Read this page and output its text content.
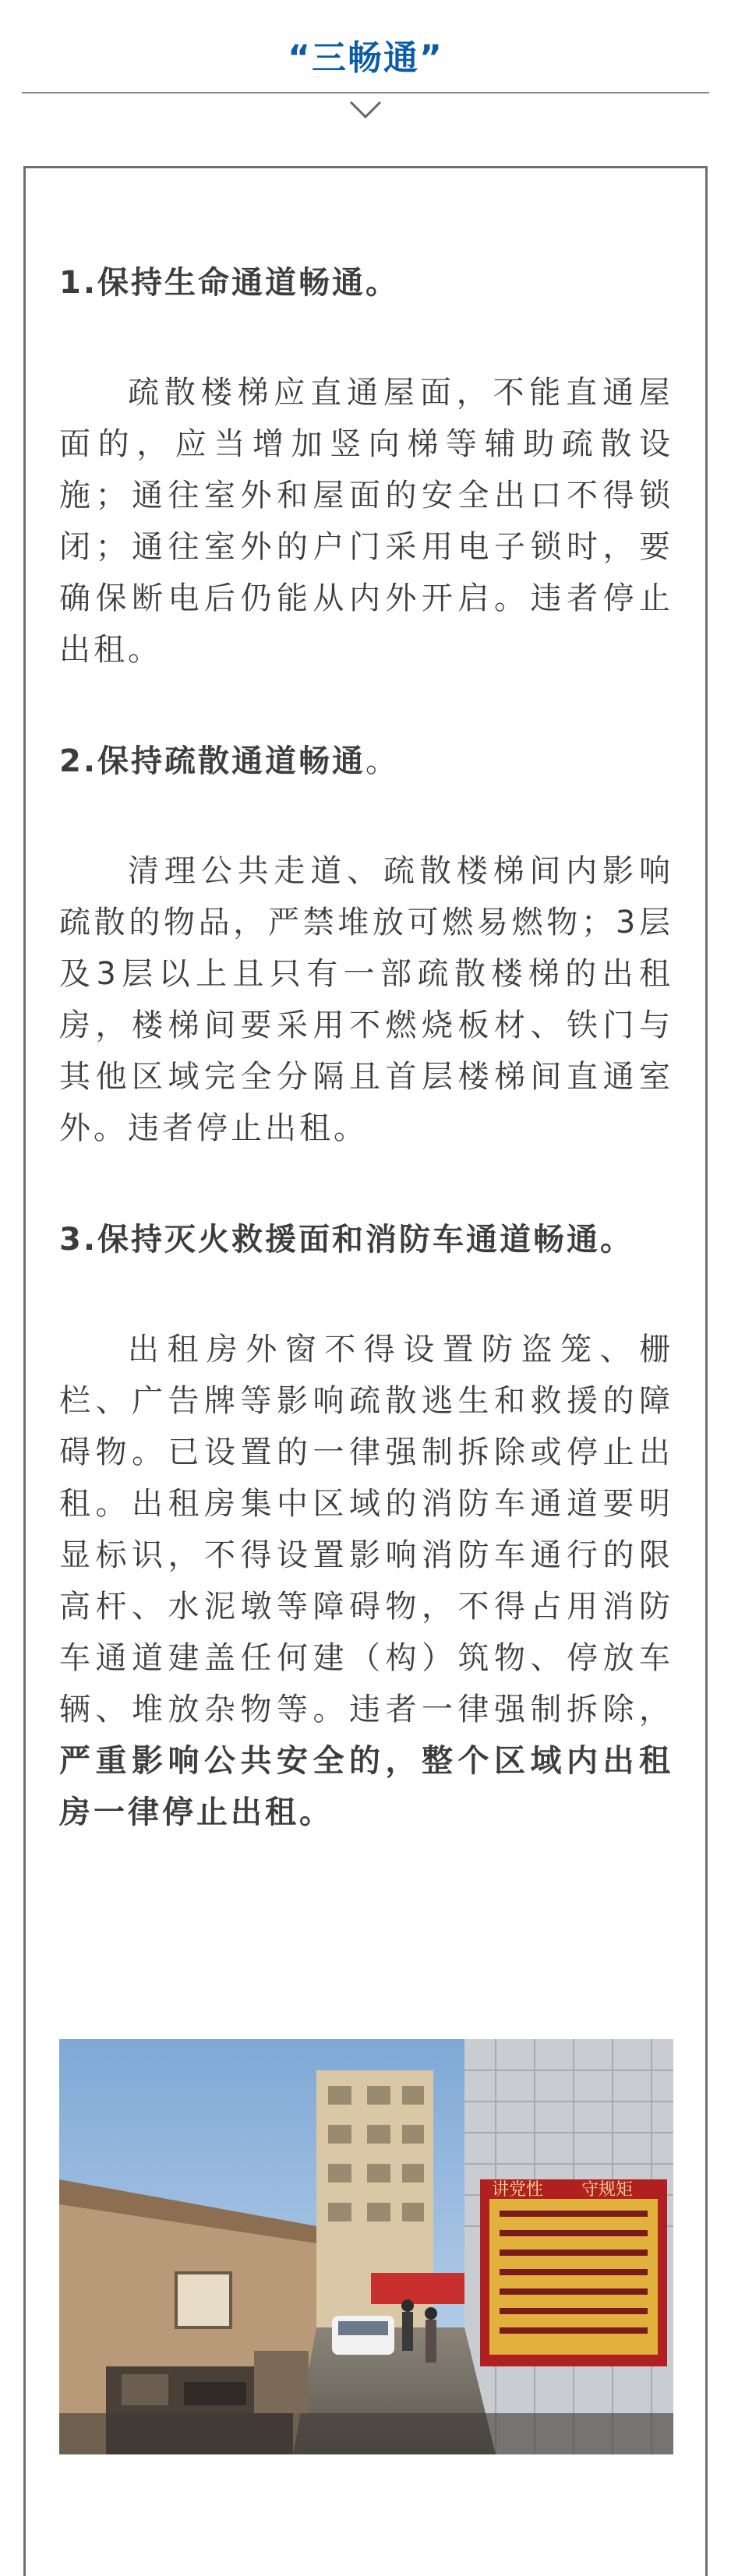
“三畅通”

1.保持生命通道畅通。

疏散楼梯应直通屋面，不能直通屋面的，应当增加竖向梯等辅助疏散设施；通往室外和屋面的安全出口不得锁闭；通往室外的户门采用电子锁时，要确保断电后仍能从内外开启。违者停止出租。

2.保持疏散通道畅通。

清理公共走道、疏散楼梯间内影响疏散的物品，严禁堆放可燃易燃物；3层及3层以上且只有一部疏散楼梯的出租房，楼梯间要采用不燃烧板材、铁门与其他区域完全分隔且首层楼梯间直通室外。违者停止出租。

3.保持灭火救援面和消防车通道畅通。

出租房外窗不得设置防盗笼、栅栏、广告牌等影响疏散逃生和救援的障碍物。已设置的一律强制拆除或停止出租。出租房集中区域的消防车通道要明显标识，不得设置影响消防车通行的限高杆、水泥墩等障碍物，不得占用消防车通道建盖任何建（构）筑物、停放车辆、堆放杂物等。违者一律强制拆除，严重影响公共安全的，整个区域内出租房一律停止出租。

讲党性 守规矩
